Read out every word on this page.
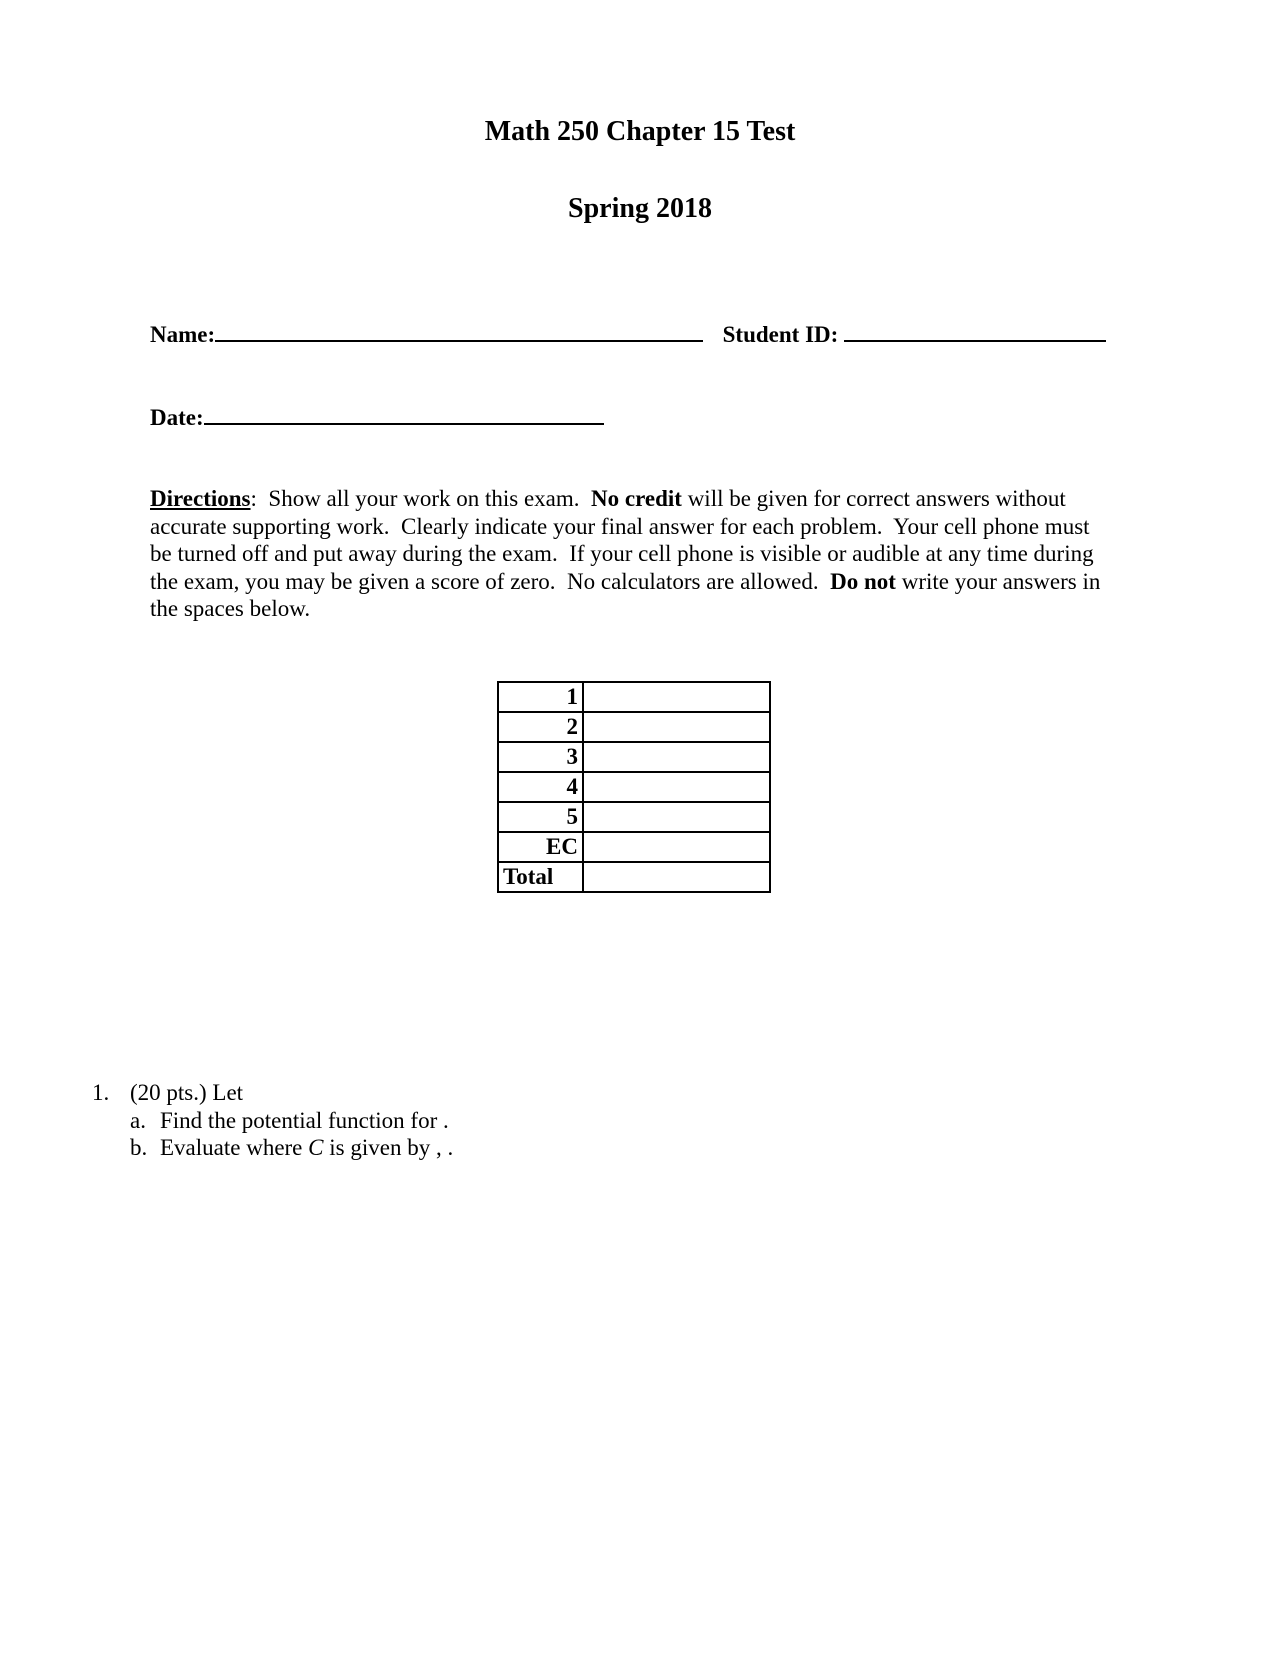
Math 250 Chapter 15 Test
Spring 2018
Name:	Student ID:
Date:
Directions:  Show all your work on this exam.  No credit will be given for correct answers without accurate supporting work.  Clearly indicate your final answer for each problem.  Your cell phone must be turned off and put away during the exam.  If your cell phone is visible or audible at any time during the exam, you may be given a score of zero.  No calculators are allowed.  Do not write your answers in the spaces below.
1	
2	
3	
4	
5	
EC	
Total	
1. (20 pts.) Let
a. Find the potential function for .
b. Evaluate where C is given by , .
